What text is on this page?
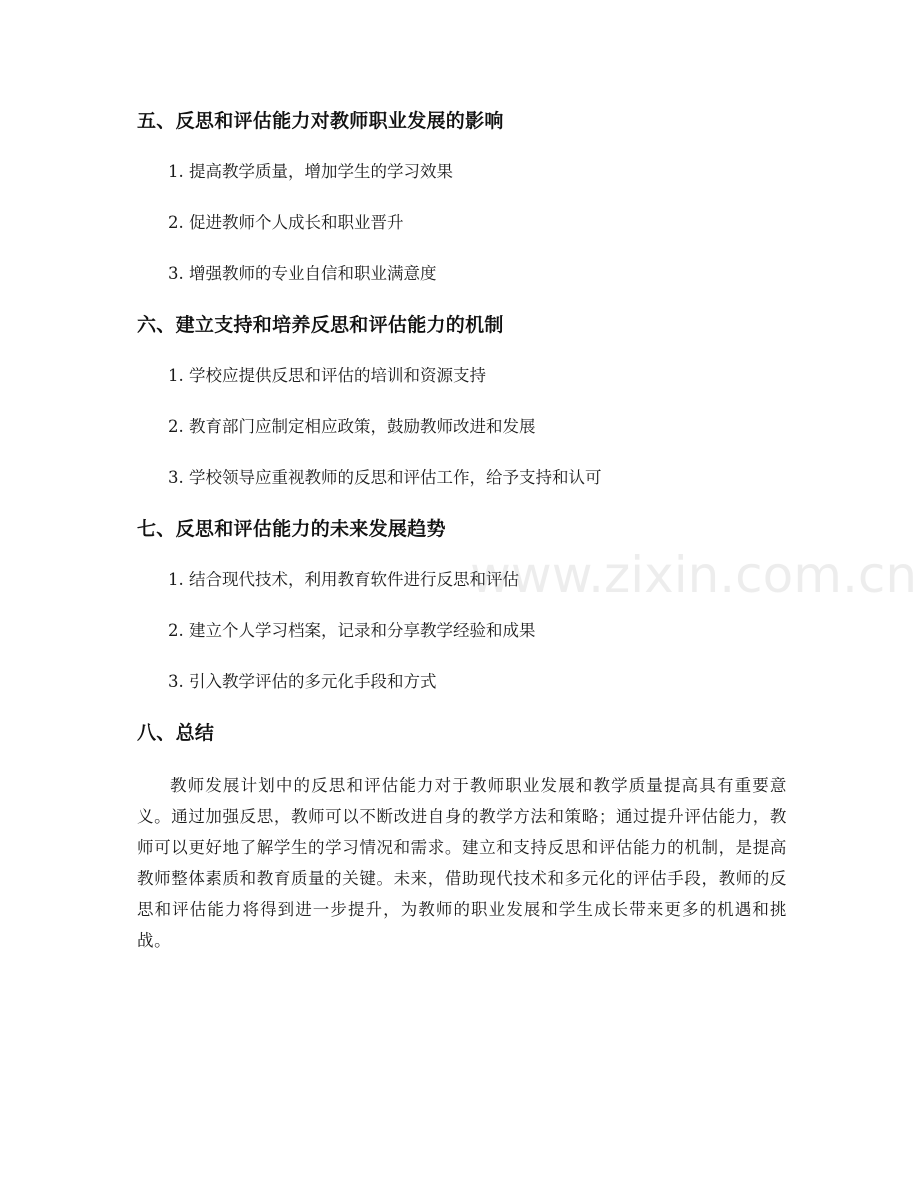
www.zixin.com.cn
五、反思和评估能力对教师职业发展的影响
1. 提高教学质量，增加学生的学习效果
2. 促进教师个人成长和职业晋升
3. 增强教师的专业自信和职业满意度
六、建立支持和培养反思和评估能力的机制
1. 学校应提供反思和评估的培训和资源支持
2. 教育部门应制定相应政策，鼓励教师改进和发展
3. 学校领导应重视教师的反思和评估工作，给予支持和认可
七、反思和评估能力的未来发展趋势
1. 结合现代技术，利用教育软件进行反思和评估
2. 建立个人学习档案，记录和分享教学经验和成果
3. 引入教学评估的多元化手段和方式
八、总结
教师发展计划中的反思和评估能力对于教师职业发展和教学质量提高具有重要意义。通过加强反思，教师可以不断改进自身的教学方法和策略；通过提升评估能力，教师可以更好地了解学生的学习情况和需求。建立和支持反思和评估能力的机制，是提高教师整体素质和教育质量的关键。未来，借助现代技术和多元化的评估手段，教师的反思和评估能力将得到进一步提升，为教师的职业发展和学生成长带来更多的机遇和挑战。
